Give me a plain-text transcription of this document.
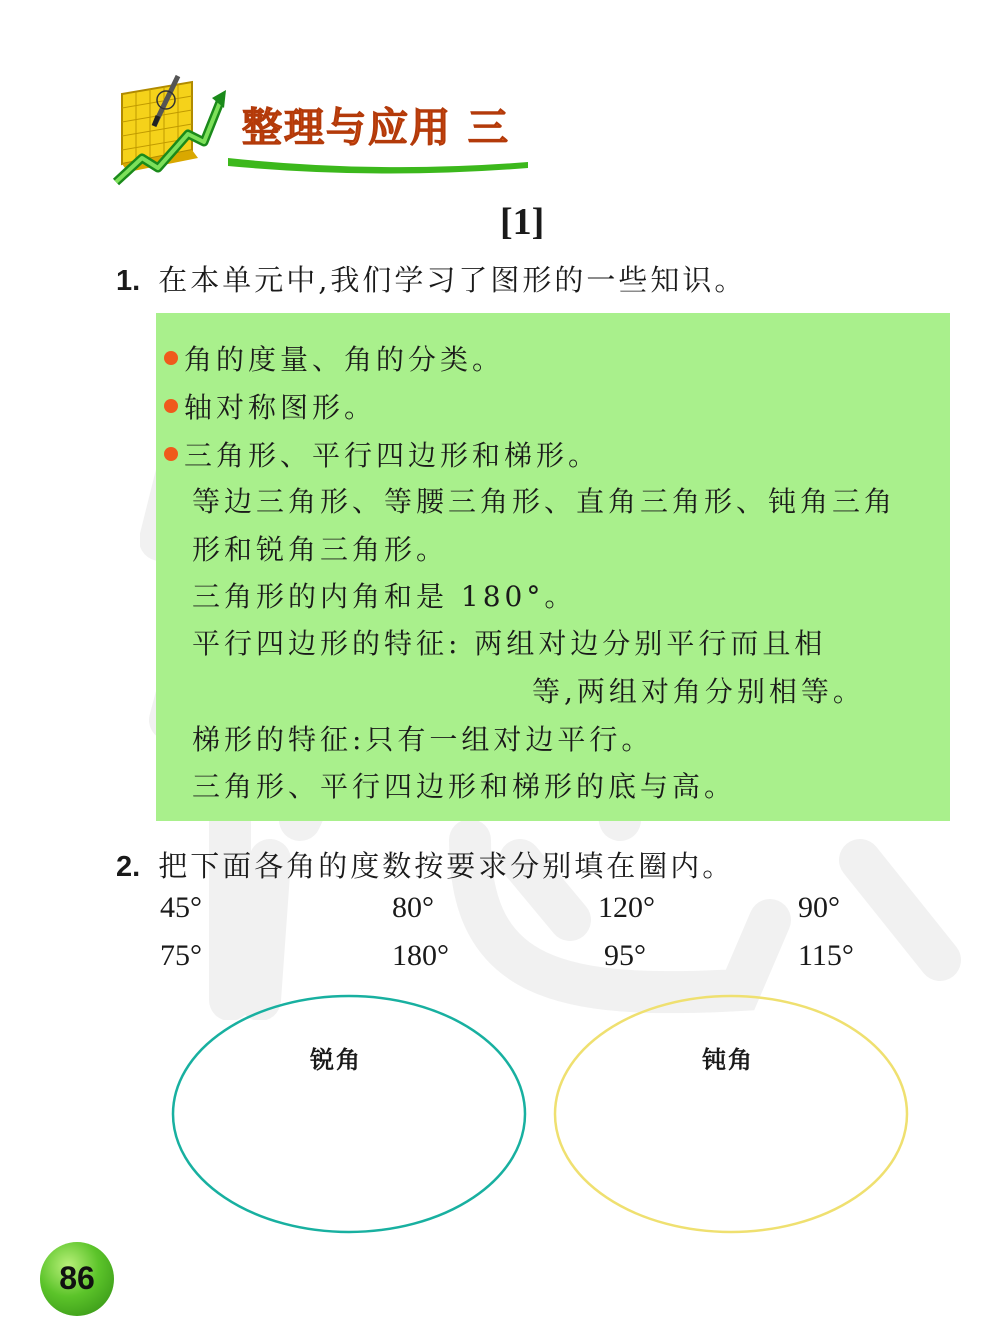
整理与应用 三
[1]
1. 在本单元中,我们学习了图形的一些知识。
角的度量、角的分类。
轴对称图形。
三角形、平行四边形和梯形。
等边三角形、等腰三角形、直角三角形、钝角三角
形和锐角三角形。
三角形的内角和是 180°。
平行四边形的特征: 两组对边分别平行而且相
等,两组对角分别相等。
梯形的特征:只有一组对边平行。
三角形、平行四边形和梯形的底与高。
2. 把下面各角的度数按要求分别填在圈内。
45°	80°	120°	90°
75°	180°	95°	115°
锐角	钝角
86
